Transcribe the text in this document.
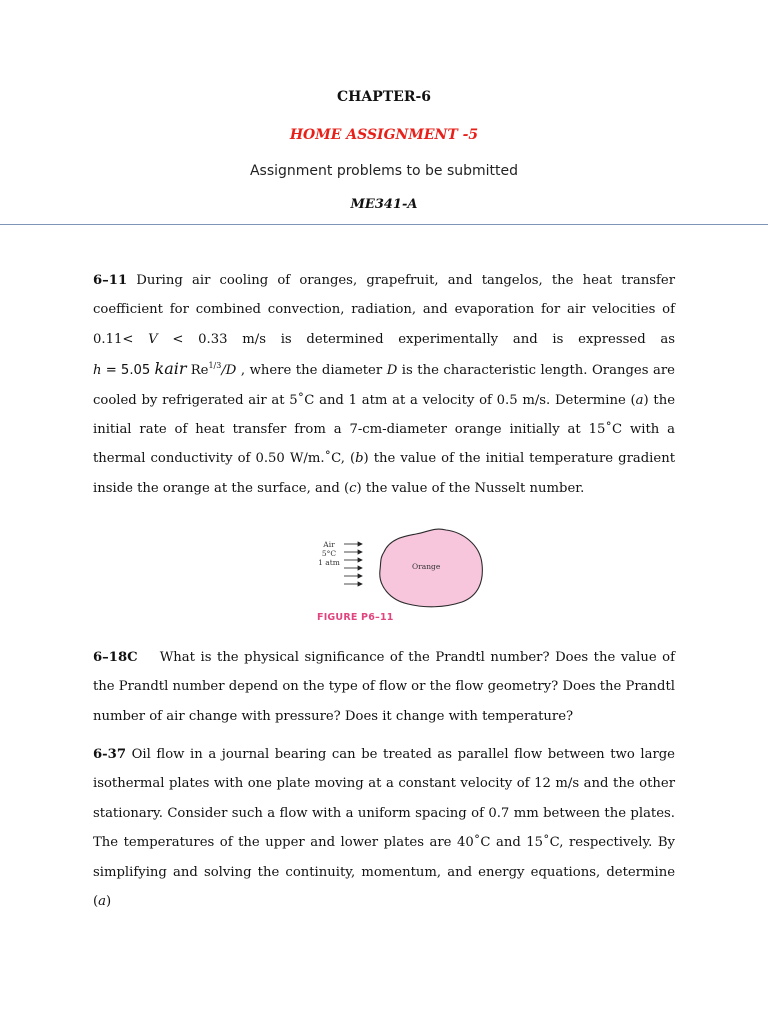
CHAPTER-6
HOME ASSIGNMENT -5
Assignment problems to be submitted
ME341-A
6–11 During air cooling of oranges, grapefruit, and tangelos, the heat transfer coefficient for combined convection, radiation, and evaporation for air velocities of 0.11< V < 0.33 m/s is determined experimentally and is expressed as h = 5.05 kair $Re^{1/3}/D$ , where the diameter D is the characteristic length. Oranges are cooled by refrigerated air at 5˚C and 1 atm at a velocity of 0.5 m/s. Determine (a) the initial rate of heat transfer from a 7-cm-diameter orange initially at 15˚C with a thermal conductivity of 0.50 W/m.˚C, (b) the value of the initial temperature gradient inside the orange at the surface, and (c) the value of the Nusselt number.
Air
5°C
1 atm	Orange
FIGURE P6–11
6–18C    What is the physical significance of the Prandtl number? Does the value of the Prandtl number depend on the type of flow or the flow geometry? Does the Prandtl number of air change with pressure? Does it change with temperature?
6-37 Oil flow in a journal bearing can be treated as parallel flow between two large isothermal plates with one plate moving at a constant velocity of 12 m/s and the other stationary. Consider such a flow with a uniform spacing of 0.7 mm between the plates. The temperatures of the upper and lower plates are 40˚C and 15˚C, respectively. By simplifying and solving the continuity, momentum, and energy equations, determine (a)
